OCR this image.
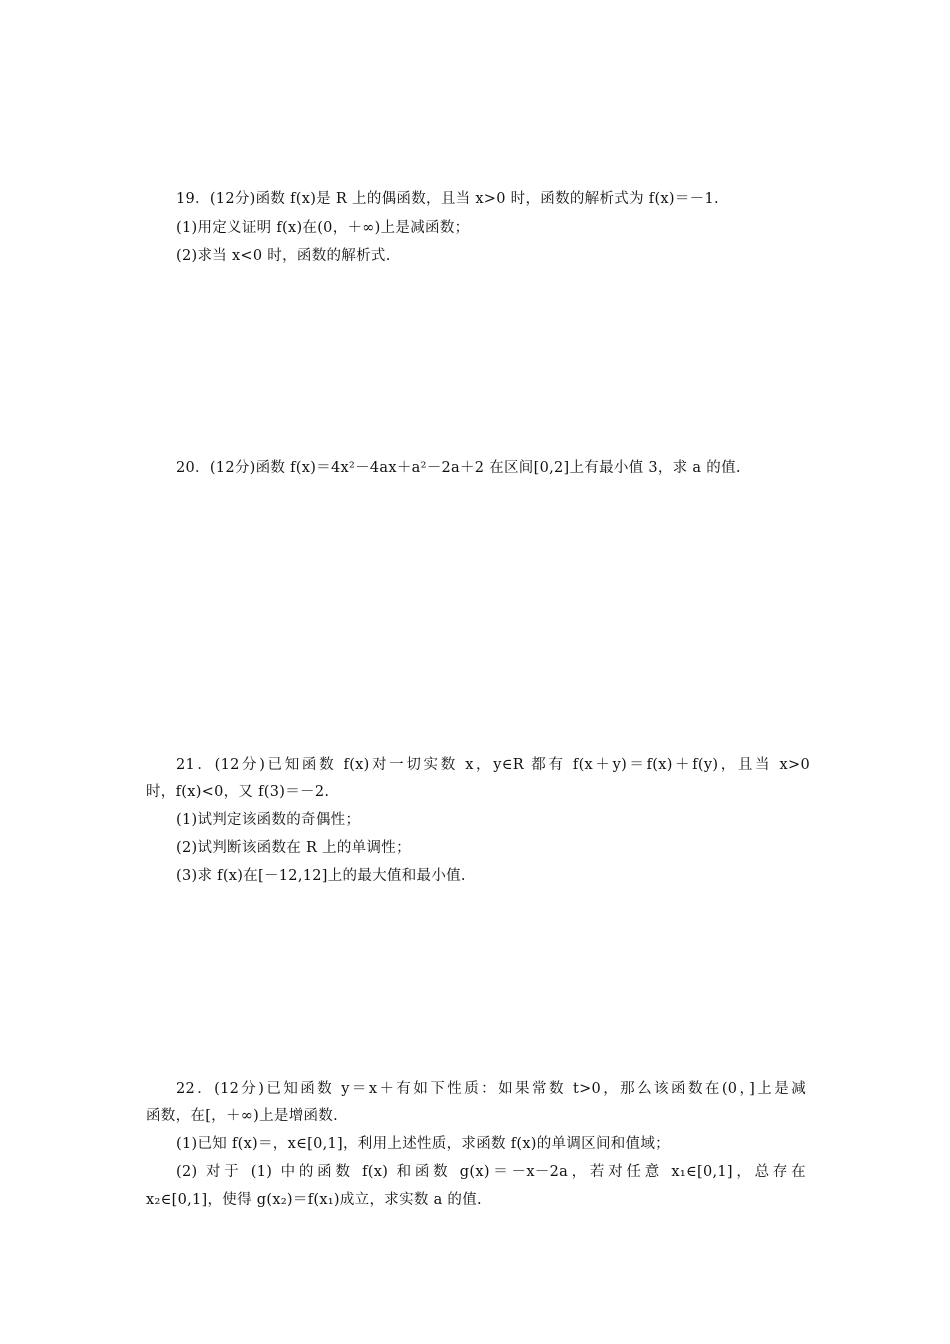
19．(12分)函数 f(x)是 R 上的偶函数，且当 x>0 时，函数的解析式为 f(x)＝－1.
(1)用定义证明 f(x)在(0，＋∞)上是减函数；
(2)求当 x<0 时，函数的解析式.
20．(12分)函数 f(x)＝4x²－4ax＋a²－2a＋2 在区间[0,2]上有最小值 3，求 a 的值.
21．(12分)已知函数 f(x)对一切实数 x，y∈R 都有 f(x＋y)＝f(x)＋f(y)，且当 x>0
时，f(x)<0，又 f(3)＝－2.
(1)试判定该函数的奇偶性；
(2)试判断该函数在 R 上的单调性；
(3)求 f(x)在[－12,12]上的最大值和最小值.
22．(12分)已知函数 y＝x＋有如下性质：如果常数 t>0，那么该函数在(0，]上是减
函数，在[，＋∞)上是增函数.
(1)已知 f(x)＝，x∈[0,1]，利用上述性质，求函数 f(x)的单调区间和值域；
(2) 对于 (1) 中的函数 f(x) 和函数 g(x)＝－x－2a，若对任意 x₁∈[0,1]，总存在
x₂∈[0,1]，使得 g(x₂)＝f(x₁)成立，求实数 a 的值.
